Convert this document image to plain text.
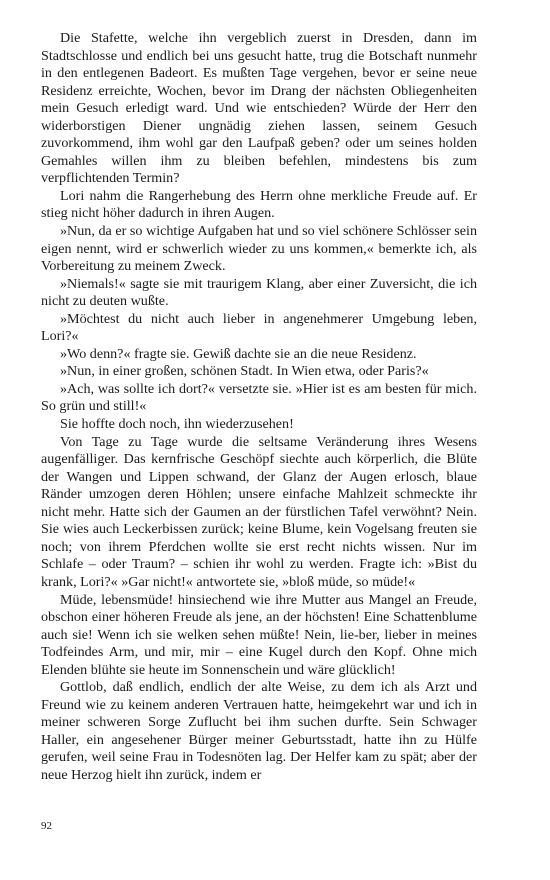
Die Stafette, welche ihn vergeblich zuerst in Dresden, dann im Stadtschlosse und endlich bei uns gesucht hatte, trug die Botschaft nunmehr in den entlegenen Badeort. Es mußten Tage vergehen, bevor er seine neue Residenz erreichte, Wochen, bevor im Drang der nächsten Obliegenheiten mein Gesuch erledigt ward. Und wie entschieden? Würde der Herr den widerborstigen Diener ungnädig ziehen lassen, seinem Gesuch zuvorkommend, ihm wohl gar den Laufpaß geben? oder um seines holden Gemahles willen ihm zu bleiben befehlen, mindestens bis zum verpflichtenden Termin?

Lori nahm die Rangerhebung des Herrn ohne merkliche Freude auf. Er stieg nicht höher dadurch in ihren Augen.

»Nun, da er so wichtige Aufgaben hat und so viel schönere Schlösser sein eigen nennt, wird er schwerlich wieder zu uns kommen,« bemerkte ich, als Vorbereitung zu meinem Zweck.

»Niemals!« sagte sie mit traurigem Klang, aber einer Zuversicht, die ich nicht zu deuten wußte.

»Möchtest du nicht auch lieber in angenehmerer Umgebung leben, Lori?«

»Wo denn?« fragte sie. Gewiß dachte sie an die neue Residenz.

»Nun, in einer großen, schönen Stadt. In Wien etwa, oder Paris?«

»Ach, was sollte ich dort?« versetzte sie. »Hier ist es am besten für mich. So grün und still!«

Sie hoffte doch noch, ihn wiederzusehen!

Von Tage zu Tage wurde die seltsame Veränderung ihres Wesens augenfälliger. Das kernfrische Geschöpf siechte auch körperlich, die Blüte der Wangen und Lippen schwand, der Glanz der Augen erlosch, blaue Ränder umzogen deren Höhlen; unsere einfache Mahlzeit schmeckte ihr nicht mehr. Hatte sich der Gaumen an der fürstlichen Tafel verwöhnt? Nein. Sie wies auch Leckerbissen zurück; keine Blume, kein Vogelsang freuten sie noch; von ihrem Pferdchen wollte sie erst recht nichts wissen. Nur im Schlafe – oder Traum? – schien ihr wohl zu werden. Fragte ich: »Bist du krank, Lori?« »Gar nicht!« antwortete sie, »bloß müde, so müde!«

Müde, lebensmüde! hinsiechend wie ihre Mutter aus Mangel an Freude, obschon einer höheren Freude als jene, an der höchsten! Eine Schattenblume auch sie! Wenn ich sie welken sehen müßte! Nein, lie-ber, lieber in meines Todfeindes Arm, und mir, mir – eine Kugel durch den Kopf. Ohne mich Elenden blühte sie heute im Sonnenschein und wäre glücklich!

Gottlob, daß endlich, endlich der alte Weise, zu dem ich als Arzt und Freund wie zu keinem anderen Vertrauen hatte, heimgekehrt war und ich in meiner schweren Sorge Zuflucht bei ihm suchen durfte. Sein Schwager Haller, ein angesehener Bürger meiner Geburtsstadt, hatte ihn zu Hülfe gerufen, weil seine Frau in Todesnöten lag. Der Helfer kam zu spät; aber der neue Herzog hielt ihn zurück, indem er

92
